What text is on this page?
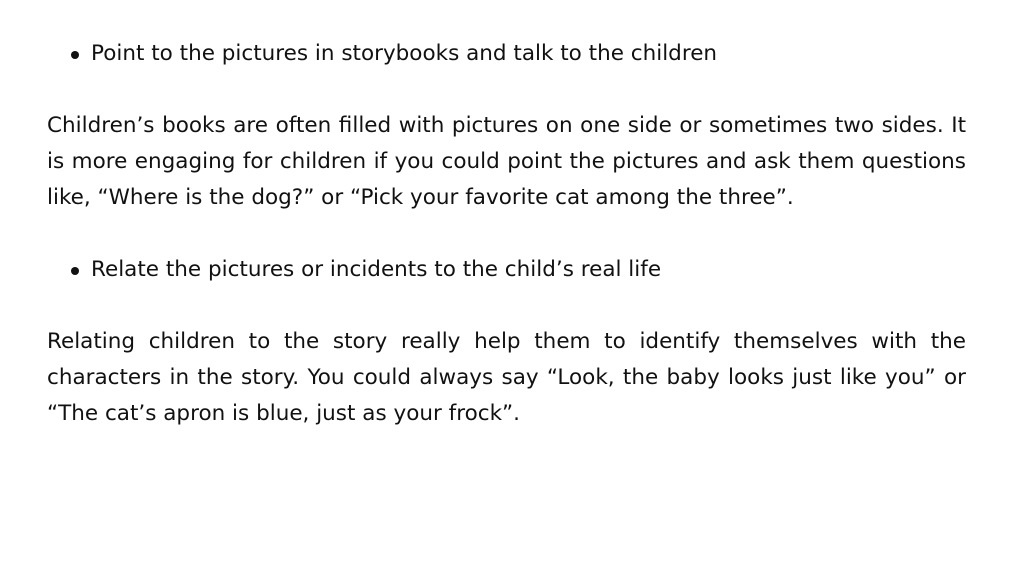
Point to the pictures in storybooks and talk to the children

Children’s books are often filled with pictures on one side or sometimes two sides. It is more engaging for children if you could point the pictures and ask them questions like, “Where is the dog?” or “Pick your favorite cat among the three”.

Relate the pictures or incidents to the child’s real life

Relating children to the story really help them to identify themselves with the characters in the story. You could always say “Look, the baby looks just like you” or “The cat’s apron is blue, just as your frock”.
